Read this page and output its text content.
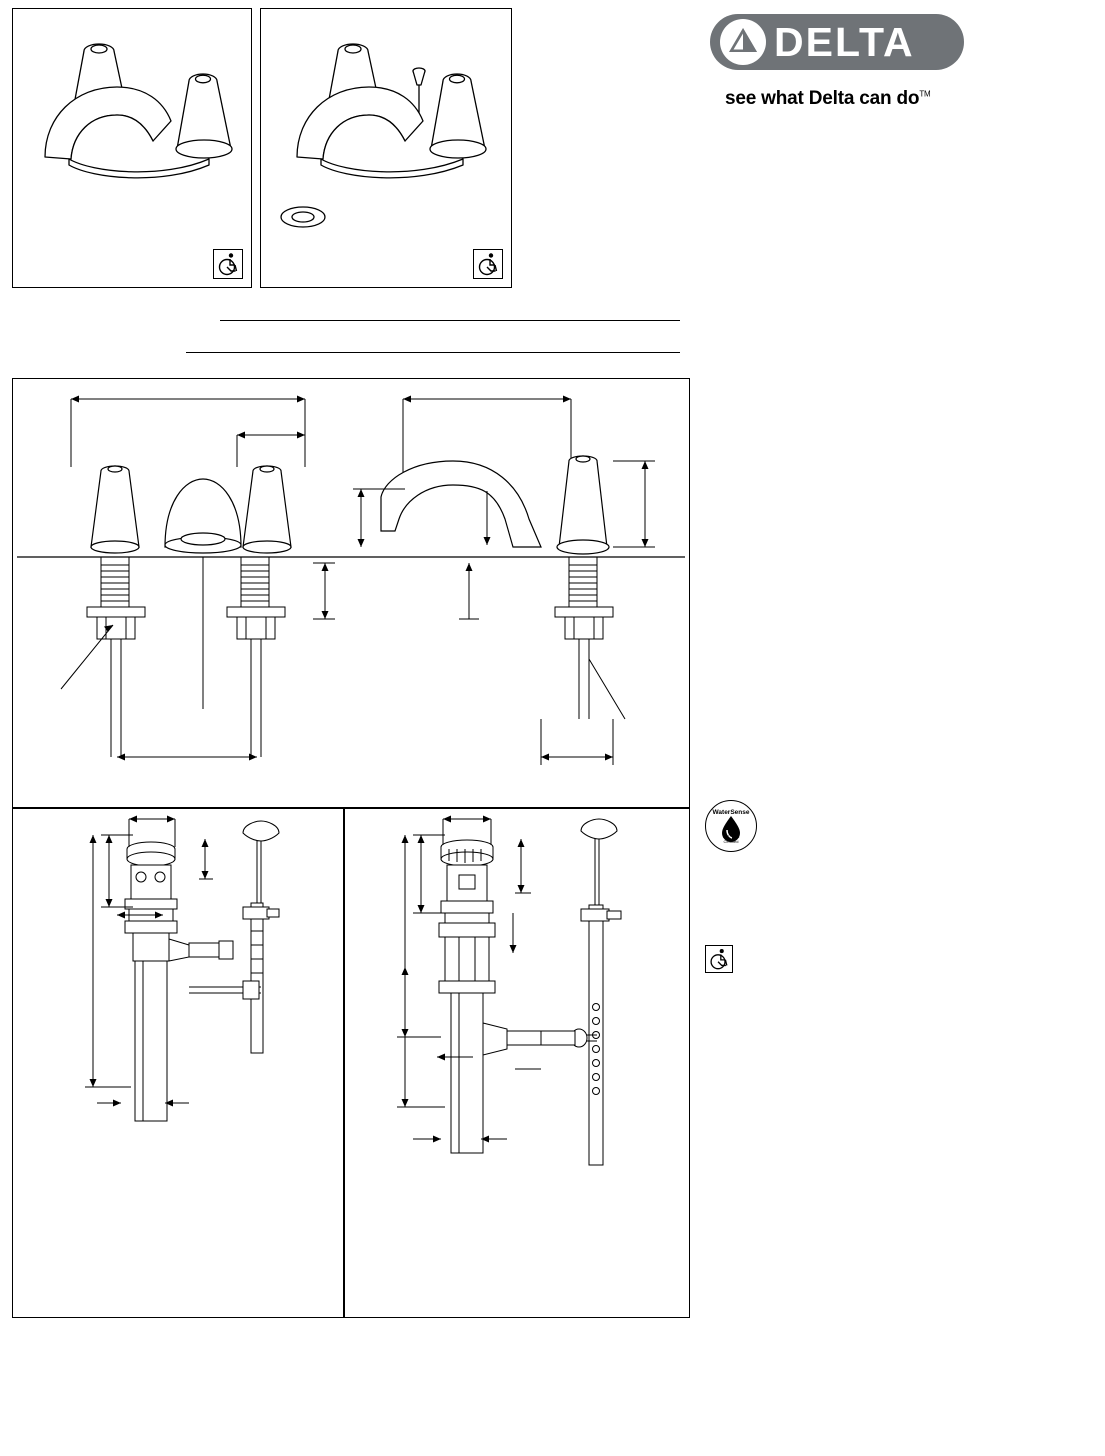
DELTA	®
see what Delta can do™
WaterSense
U.S. EPA
Certified
